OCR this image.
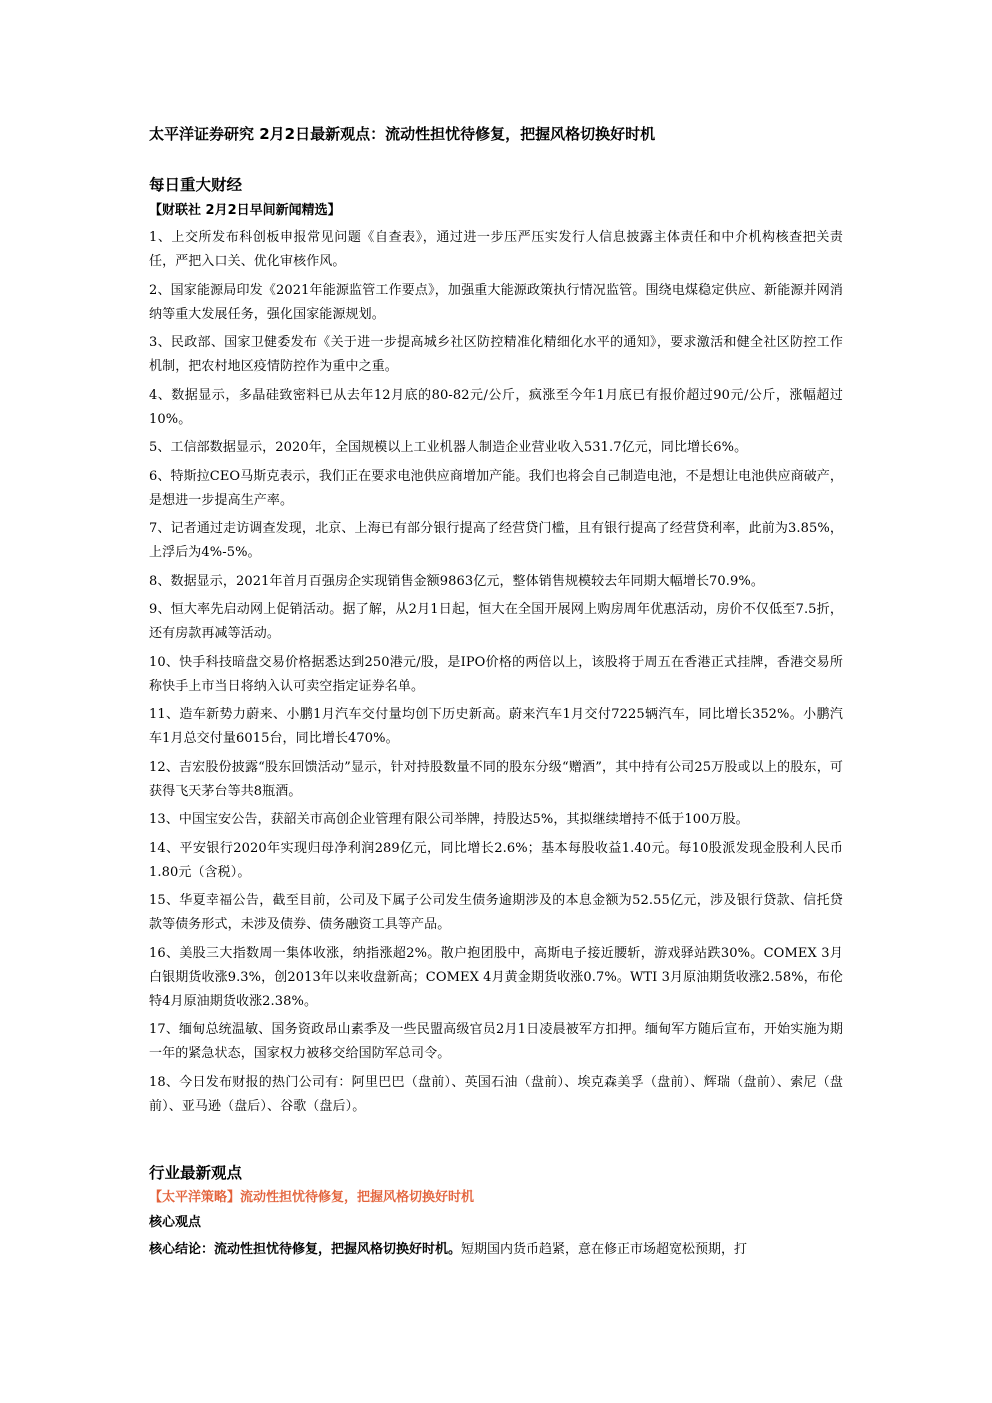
太平洋证券研究 2月2日最新观点：流动性担忧待修复，把握风格切换好时机
每日重大财经
【财联社 2月2日早间新闻精选】
1、上交所发布科创板申报常见问题《自查表》，通过进一步压严压实发行人信息披露主体责任和中介机构核查把关责任，严把入口关、优化审核作风。
2、国家能源局印发《2021年能源监管工作要点》，加强重大能源政策执行情况监管。围绕电煤稳定供应、新能源并网消纳等重大发展任务，强化国家能源规划。
3、民政部、国家卫健委发布《关于进一步提高城乡社区防控精准化精细化水平的通知》，要求激活和健全社区防控工作机制，把农村地区疫情防控作为重中之重。
4、数据显示，多晶硅致密料已从去年12月底的80-82元/公斤，疯涨至今年1月底已有报价超过90元/公斤，涨幅超过10%。
5、工信部数据显示，2020年，全国规模以上工业机器人制造企业营业收入531.7亿元，同比增长6%。
6、特斯拉CEO马斯克表示，我们正在要求电池供应商增加产能。我们也将会自己制造电池，不是想让电池供应商破产，是想进一步提高生产率。
7、记者通过走访调查发现，北京、上海已有部分银行提高了经营贷门槛，且有银行提高了经营贷利率，此前为3.85%，上浮后为4%-5%。
8、数据显示，2021年首月百强房企实现销售金额9863亿元，整体销售规模较去年同期大幅增长70.9%。
9、恒大率先启动网上促销活动。据了解，从2月1日起，恒大在全国开展网上购房周年优惠活动，房价不仅低至7.5折，还有房款再减等活动。
10、快手科技暗盘交易价格据悉达到250港元/股，是IPO价格的两倍以上，该股将于周五在香港正式挂牌，香港交易所称快手上市当日将纳入认可卖空指定证券名单。
11、造车新势力蔚来、小鹏1月汽车交付量均创下历史新高。蔚来汽车1月交付7225辆汽车，同比增长352%。小鹏汽车1月总交付量6015台，同比增长470%。
12、吉宏股份披露“股东回馈活动”显示，针对持股数量不同的股东分级“赠酒”，其中持有公司25万股或以上的股东，可获得飞天茅台等共8瓶酒。
13、中国宝安公告，获韶关市高创企业管理有限公司举牌，持股达5%，其拟继续增持不低于100万股。
14、平安银行2020年实现归母净利润289亿元，同比增长2.6%；基本每股收益1.40元。每10股派发现金股利人民币1.80元（含税）。
15、华夏幸福公告，截至目前，公司及下属子公司发生债务逾期涉及的本息金额为52.55亿元，涉及银行贷款、信托贷款等债务形式，未涉及债券、债务融资工具等产品。
16、美股三大指数周一集体收涨，纳指涨超2%。散户抱团股中，高斯电子接近腰斩，游戏驿站跌30%。COMEX 3月白银期货收涨9.3%，创2013年以来收盘新高；COMEX 4月黄金期货收涨0.7%。WTI 3月原油期货收涨2.58%，布伦特4月原油期货收涨2.38%。
17、缅甸总统温敏、国务资政昂山素季及一些民盟高级官员2月1日凌晨被军方扣押。缅甸军方随后宣布，开始实施为期一年的紧急状态，国家权力被移交给国防军总司令。
18、今日发布财报的热门公司有：阿里巴巴（盘前）、英国石油（盘前）、埃克森美孚（盘前）、辉瑞（盘前）、索尼（盘前）、亚马逊（盘后）、谷歌（盘后）。
行业最新观点
【太平洋策略】流动性担忧待修复，把握风格切换好时机
核心观点
核心结论：流动性担忧待修复，把握风格切换好时机。短期国内货币趋紧，意在修正市场超宽松预期，打
